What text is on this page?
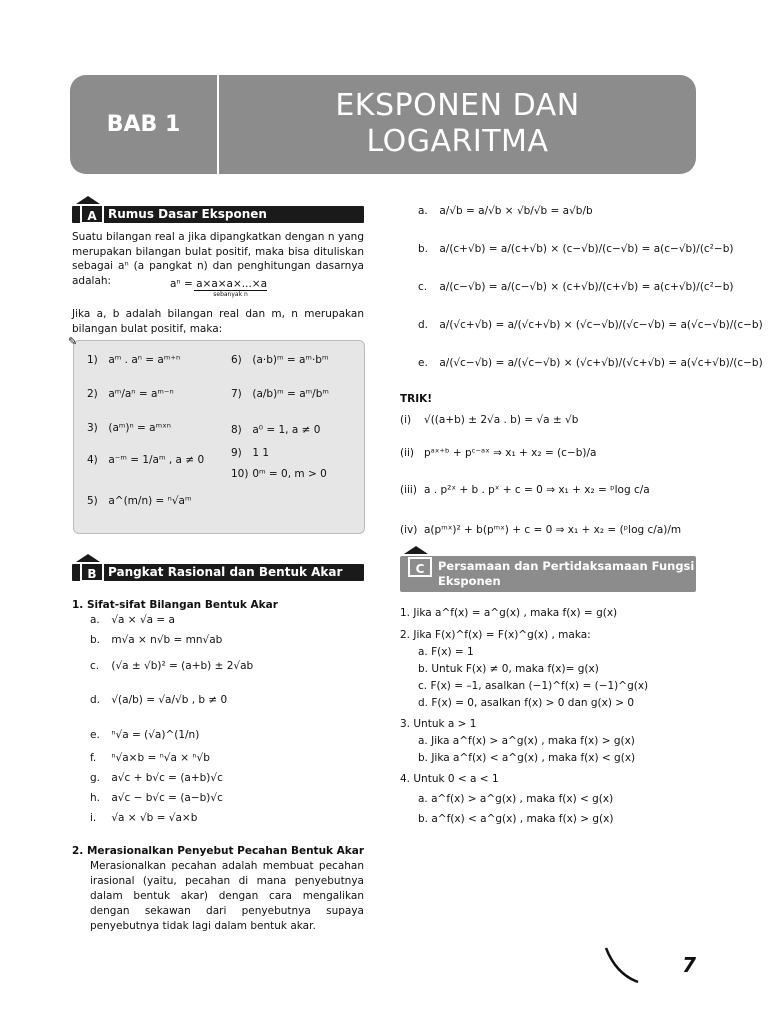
BAB 1
EKSPONEN DAN
LOGARITMA
Rumus Dasar Eksponen
A
Suatu bilangan real a jika dipangkatkan dengan n yang merupakan bilangan bulat positif, maka bisa dituliskan sebagai aⁿ (a pangkat n) dan penghitungan dasarnya adalah:	aⁿ = a×a×a×...×a
sebanyak n
Jika a, b adalah bilangan real dan m, n merupakan bilangan bulat positif, maka:
✎
1) aᵐ . aⁿ = aᵐ⁺ⁿ
2) aᵐ/aⁿ = aᵐ⁻ⁿ
3) (aᵐ)ⁿ = aᵐˣⁿ
4) a⁻ᵐ = 1/aᵐ , a ≠ 0
5) a^(m/n) = ⁿ√aᵐ
6) (a·b)ᵐ = aᵐ·bᵐ
7) (a/b)ᵐ = aᵐ/bᵐ
8) a⁰ = 1, a ≠ 0
9) 1 1
10) 0ᵐ = 0, m > 0
Pangkat Rasional dan Bentuk Akar
B
1. Sifat-sifat Bilangan Bentuk Akar
a. √a × √a = a
b. m√a × n√b = mn√ab
c. (√a ± √b)² = (a+b) ± 2√ab
d. √(a/b) = √a/√b , b ≠ 0
e. ⁿ√a = (√a)^(1/n)
f. ⁿ√a×b = ⁿ√a × ⁿ√b
g. a√c + b√c = (a+b)√c
h. a√c − b√c = (a−b)√c
i. √a × √b = √a×b
2. Merasionalkan Penyebut Pecahan Bentuk Akar
Merasionalkan pecahan adalah membuat pecahan irasional (yaitu, pecahan di mana penyebutnya dalam bentuk akar) dengan cara mengalikan dengan sekawan dari penyebutnya supaya penyebutnya tidak lagi dalam bentuk akar.
a. a/√b = a/√b × √b/√b = a√b/b
b. a/(c+√b) = a/(c+√b) × (c−√b)/(c−√b) = a(c−√b)/(c²−b)
c. a/(c−√b) = a/(c−√b) × (c+√b)/(c+√b) = a(c+√b)/(c²−b)
d. a/(√c+√b) = a/(√c+√b) × (√c−√b)/(√c−√b) = a(√c−√b)/(c−b)
e. a/(√c−√b) = a/(√c−√b) × (√c+√b)/(√c+√b) = a(√c+√b)/(c−b)
TRIK!
(i) √((a+b) ± 2√a . b) = √a ± √b
(ii) pᵃˣ⁺ᵇ + pᶜ⁻ᵃˣ ⇒ x₁ + x₂ = (c−b)/a
(iii) a . p²ˣ + b . pˣ + c = 0 ⇒ x₁ + x₂ = ᵖlog c/a
(iv) a(pᵐˣ)² + b(pᵐˣ) + c = 0 ⇒ x₁ + x₂ = (ᵖlog c/a)/m
Persamaan dan Pertidaksamaan Fungsi
Eksponen
C
1. Jika a^f(x) = a^g(x) , maka f(x) = g(x)
2. Jika F(x)^f(x) = F(x)^g(x) , maka:
a. F(x) = 1
b. Untuk F(x) ≠ 0, maka f(x)= g(x)
c. F(x) = –1, asalkan (−1)^f(x) = (−1)^g(x)
d. F(x) = 0, asalkan f(x) > 0 dan g(x) > 0
3. Untuk a > 1
a. Jika a^f(x) > a^g(x) , maka f(x) > g(x)
b. Jika a^f(x) < a^g(x) , maka f(x) < g(x)
4. Untuk 0 < a < 1
a. a^f(x) > a^g(x) , maka f(x) < g(x)
b. a^f(x) < a^g(x) , maka f(x) > g(x)
7
